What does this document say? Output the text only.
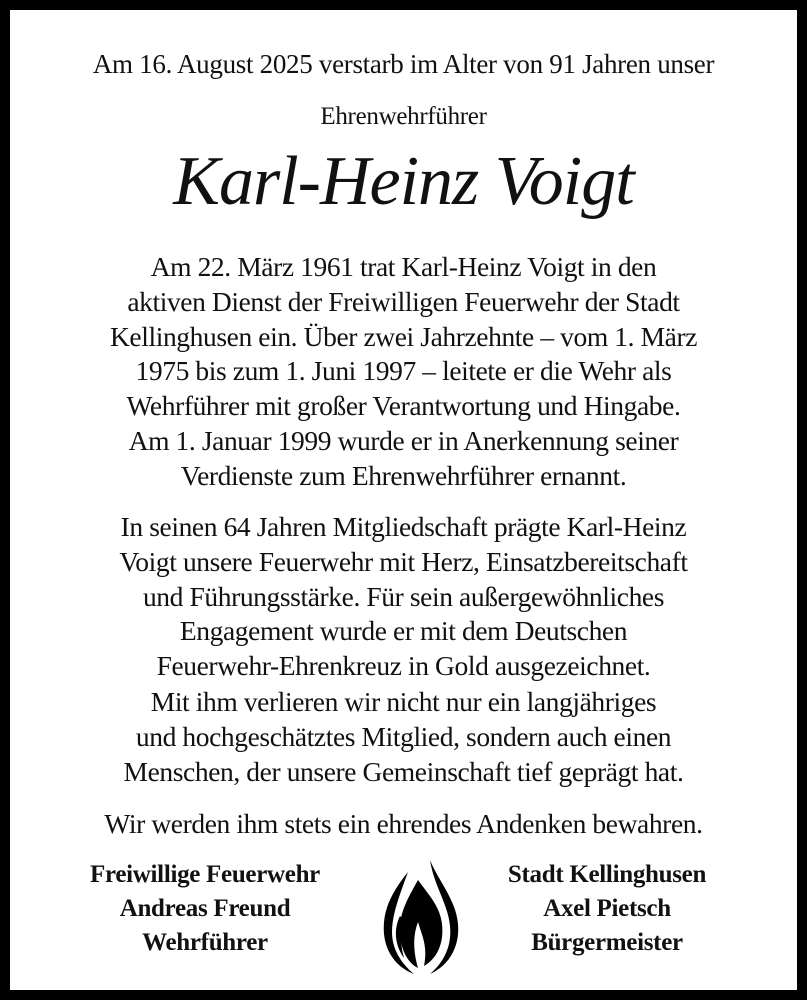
Am 16. August 2025 verstarb im Alter von 91 Jahren unser
Ehrenwehrführer
Karl-Heinz Voigt
Am 22. März 1961 trat Karl-Heinz Voigt in den
aktiven Dienst der Freiwilligen Feuerwehr der Stadt
Kellinghusen ein. Über zwei Jahrzehnte – vom 1. März
1975 bis zum 1. Juni 1997 – leitete er die Wehr als
Wehrführer mit großer Verantwortung und Hingabe.
Am 1. Januar 1999 wurde er in Anerkennung seiner
Verdienste zum Ehrenwehrführer ernannt.
In seinen 64 Jahren Mitgliedschaft prägte Karl-Heinz
Voigt unsere Feuerwehr mit Herz, Einsatzbereitschaft
und Führungsstärke. Für sein außergewöhnliches
Engagement wurde er mit dem Deutschen
Feuerwehr-Ehrenkreuz in Gold ausgezeichnet.
Mit ihm verlieren wir nicht nur ein langjähriges
und hochgeschätztes Mitglied, sondern auch einen
Menschen, der unsere Gemeinschaft tief geprägt hat.
Wir werden ihm stets ein ehrendes Andenken bewahren.
Freiwillige Feuerwehr
Andreas Freund
Wehrführer
Stadt Kellinghusen
Axel Pietsch
Bürgermeister
